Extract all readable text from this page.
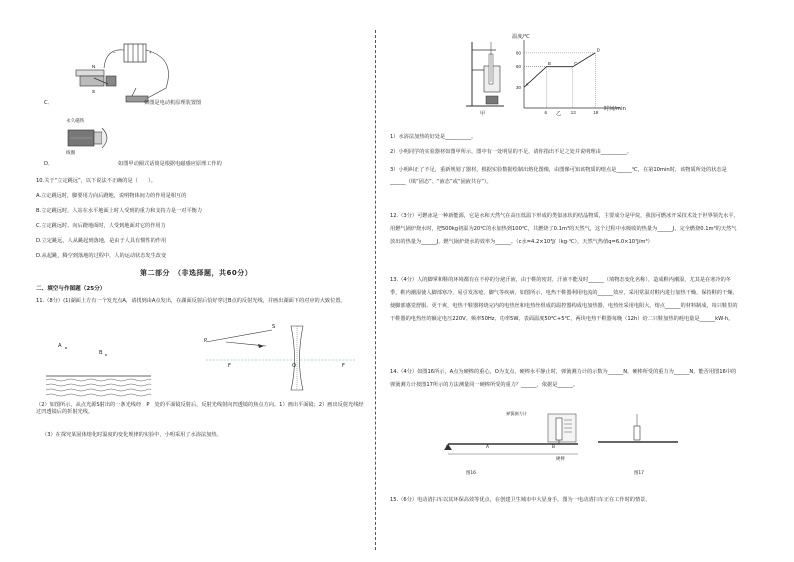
N
S
−	+
C．	如图是电动机原理装置图
永久磁铁
线圈
D．	如图甲动圈式话筒是根据电磁感应原理工作的
10.关于“立定跳远”，以下说法不正确的是（　　）。
A.立定跳远时，脚要用力向后蹬地，说明物体间力的作用是相互的
B.立定跳远时，人站在水平地面上时人受到的重力和支持力是一对平衡力
C.立定跳远时，向后蹬地面时，人受到地面对它的作用力
D.立定跳远，人从跳起到落地，是由于人具有惯性的作用
D.从起跳，腾空到落地的过程中，人的运动状态发生改变
第二部分　（非选择题，共60分）
二、填空与作图题（25分）
11.（8分）(1)湖面上方有一个发光点A，请找到由A点发出，在湖面反射后恰好穿过B点的反射光线，并画出湖面下的对应的大致位置。
A
B
P
S
F	O	F
（2）如图所示，从点光源S射出的一条光线经　P　处的平面镜反射后，反射光线射向凹透镜的焦点方向。1）画出平面镜；2）画出反射光线经过凹透镜后的折射光线。
（3）在探究某固体熔化时温度的变化规律的实验中，小明采用了水浴法加热。
甲
A
B	C
D
6	13	19
30
60
80
温度/℃
时间/min
乙
1）水浴法加热的好处是__________。
2）小明同学的实验器材如图甲所示，图中有一处明显的不足，请你指出不足之处并说明理由__________。
3）小明纠正了不足，重新规划了器材，根据实验数据绘制出熔化图像，由图像可知该物质的熔点是______℃，在第10min时，该物质所处的状态是______（填“固态”、“液态”或“固液共存”）。
12.（3分）可燃冰是一种新能源，它是水和天然气在高压低温下形成的类似冰状的结晶物质，主要成分是甲烷，我国可燃冰开采技术处于世界领先水平，用燃气锅炉烧水时，把500kg初温为20℃的水加热到100℃，共燃烧了0.1m³的天然气，这个过程中水吸收的热量为______J，完全燃烧0.1m³的天然气放出的热量为______J，燃气锅炉烧水的效率为______。（c水=4.2×10³J/（kg·℃），天然气热值q=6.0×10⁷J/m³）
13.（4分）人的脚掌和鞋的环境都有在不停的分泌汗液，由于鞋的密封，汗液不能及时______（填物态变化名称），造成鞋内潮湿，尤其是在寒冷的冬季，鞋内潮湿使人脚部寒冷，易引发冻疮、脚气等疾病，如图所示，电热干鞋器利用电流的______效应，采用常温对鞋内进行加热干燥，保持鞋的干燥、使脚部感觉舒服、更干爽，电热干鞋器将烧完内的电热丝和电热丝组成的温控器构成电加热器，电热丝采用电阻大、熔点______的材料制成，每只鞋里的干鞋器的电热丝的额定电压220V、频率50Hz、功率5W、表面温度50℃+5℃，两块电热干鞋器每晚（12h）给二只鞋加热的耗电量是______kW·h。
14.（4分）如图16所示，A点为硬棒的重心，O为支点，硬棒水平静止时，弹簧测力计的示数为______N，硬棒所受的重力为______N，能否用图16中的弹簧测力计按图17所示的方法测量同一硬棒所受的重力？______，依据是______。
弹簧测力计
O	A	B
硬棒
图16	图17
15.（6分）电动清扫车以其环保高效等优点，在创建卫生城市中大显身手。图为一电动清扫车正在工作时的情景。
